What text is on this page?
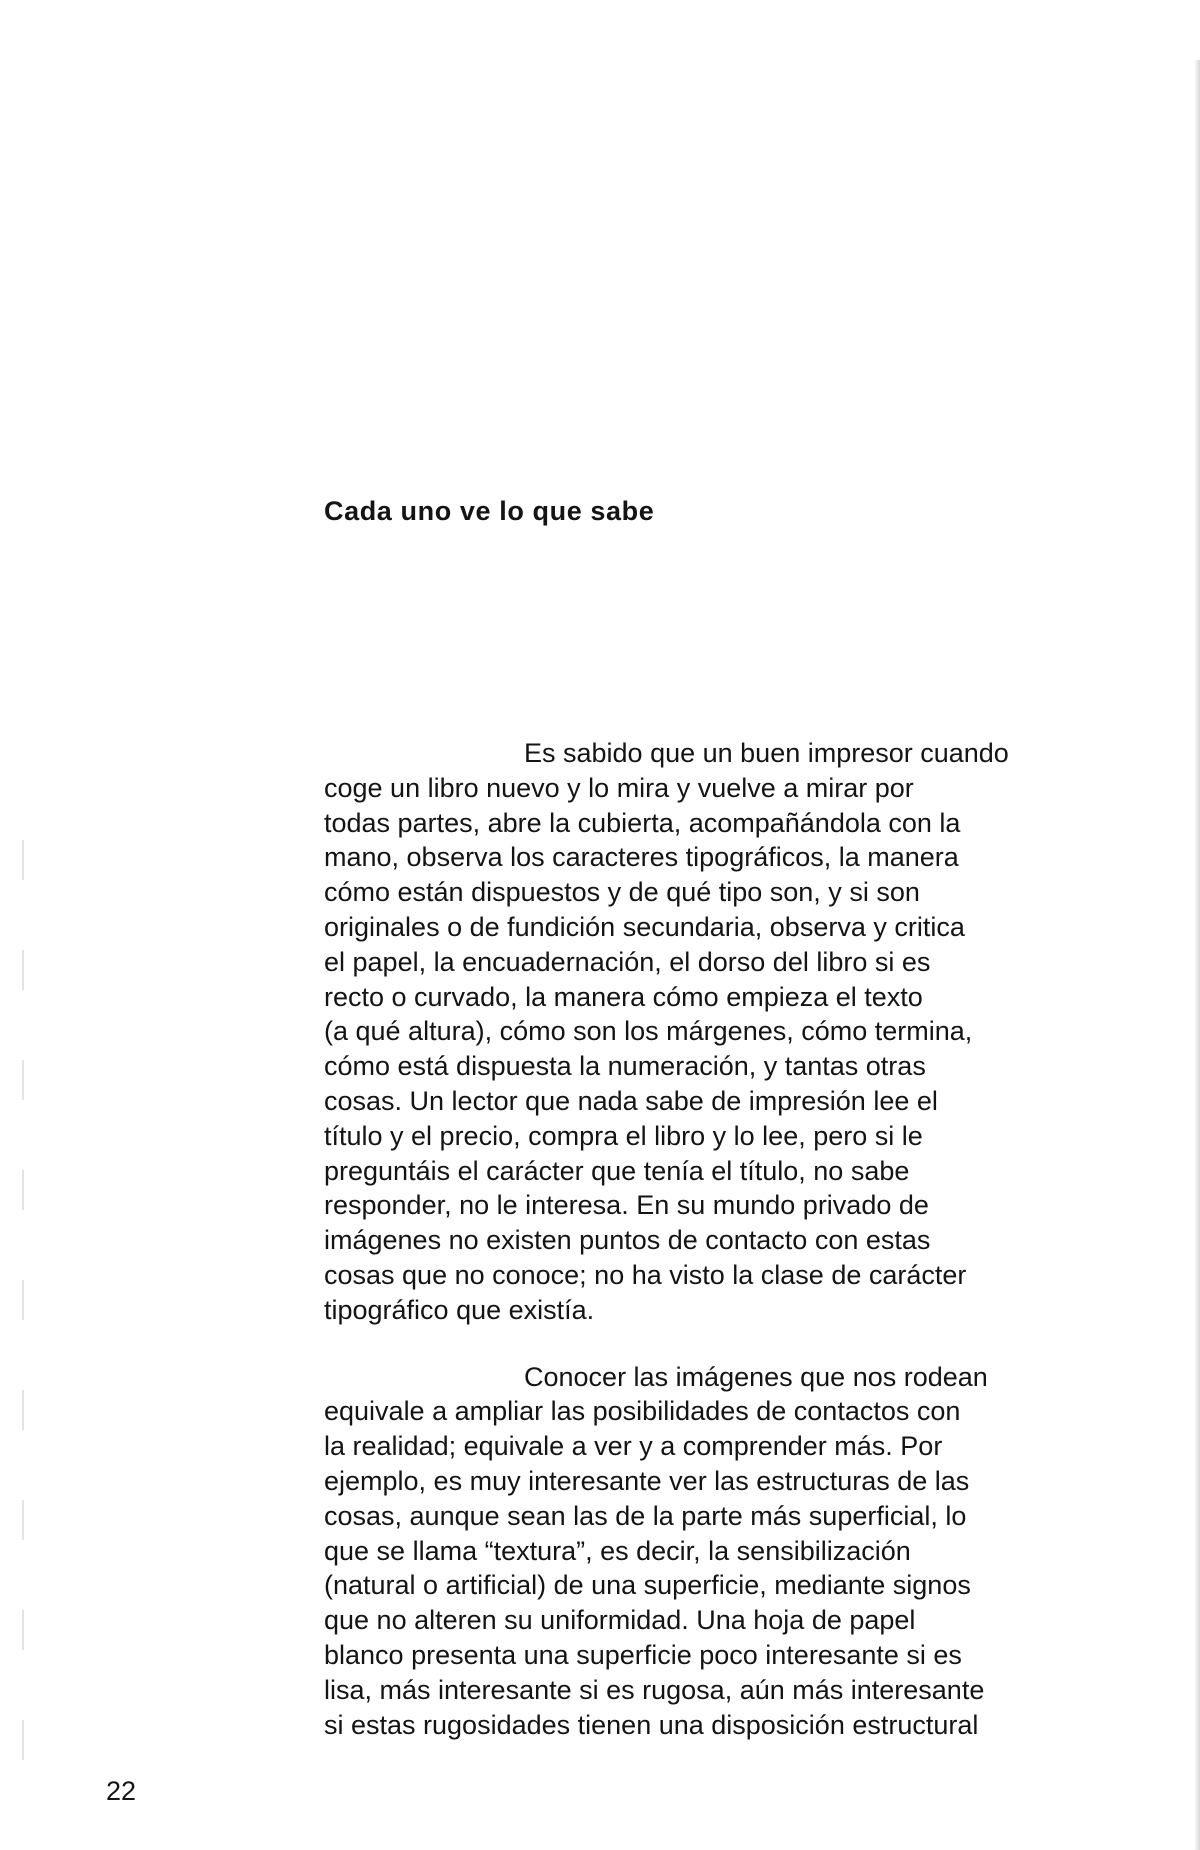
Cada uno ve lo que sabe

Es sabido que un buen impresor cuando
coge un libro nuevo y lo mira y vuelve a mirar por
todas partes, abre la cubierta, acompañándola con la
mano, observa los caracteres tipográficos, la manera
cómo están dispuestos y de qué tipo son, y si son
originales o de fundición secundaria, observa y critica
el papel, la encuadernación, el dorso del libro si es
recto o curvado, la manera cómo empieza el texto
(a qué altura), cómo son los márgenes, cómo termina,
cómo está dispuesta la numeración, y tantas otras
cosas. Un lector que nada sabe de impresión lee el
título y el precio, compra el libro y lo lee, pero si le
preguntáis el carácter que tenía el título, no sabe
responder, no le interesa. En su mundo privado de
imágenes no existen puntos de contacto con estas
cosas que no conoce; no ha visto la clase de carácter
tipográfico que existía.

Conocer las imágenes que nos rodean
equivale a ampliar las posibilidades de contactos con
la realidad; equivale a ver y a comprender más. Por
ejemplo, es muy interesante ver las estructuras de las
cosas, aunque sean las de la parte más superficial, lo
que se llama “textura”, es decir, la sensibilización
(natural o artificial) de una superficie, mediante signos
que no alteren su uniformidad. Una hoja de papel
blanco presenta una superficie poco interesante si es
lisa, más interesante si es rugosa, aún más interesante
si estas rugosidades tienen una disposición estructural

22
